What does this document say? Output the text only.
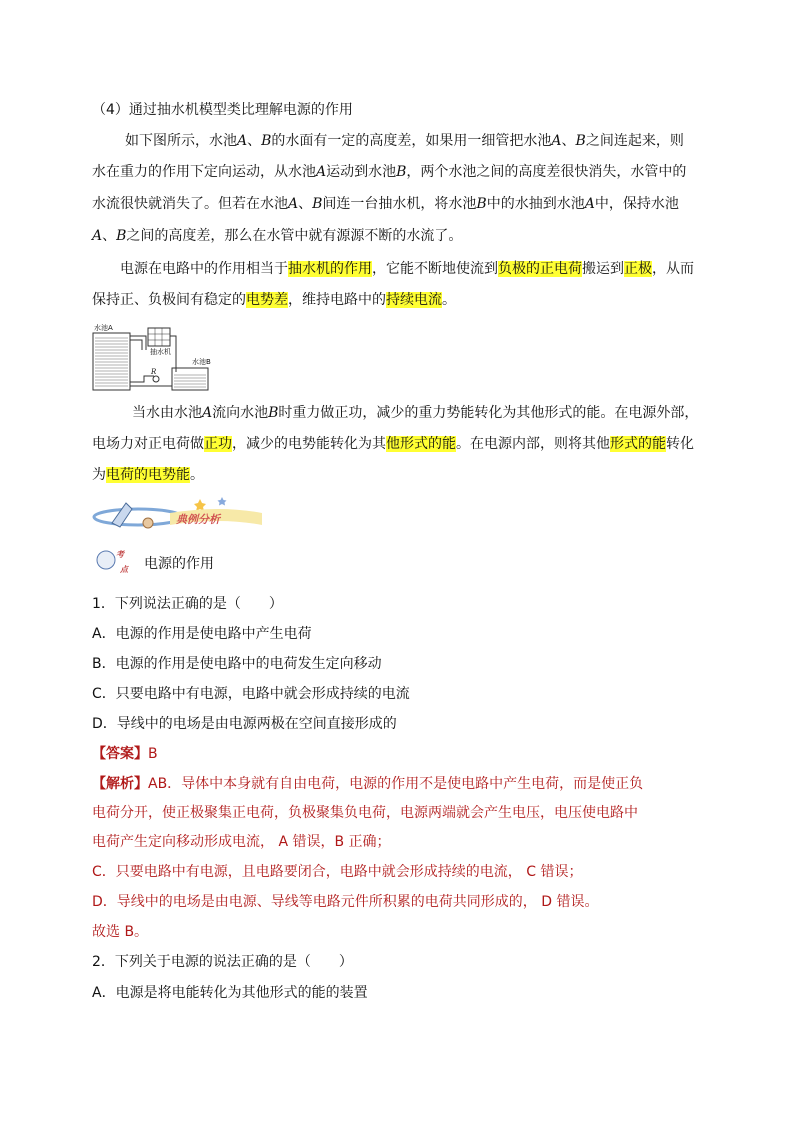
（4）通过抽水机模型类比理解电源的作用
如下图所示，水池A、B的水面有一定的高度差，如果用一细管把水池A、B之间连起来，则
水在重力的作用下定向运动，从水池A运动到水池B，两个水池之间的高度差很快消失，水管中的
水流很快就消失了。但若在水池A、B间连一台抽水机，将水池B中的水抽到水池A中，保持水池
A、B之间的高度差，那么在水管中就有源源不断的水流了。
电源在电路中的作用相当于抽水机的作用，它能不断地使流到负极的正电荷搬运到正极，从而
保持正、负极间有稳定的电势差，维持电路中的持续电流。
水池A
抽水机
水池B
R
当水由水池A流向水池B时重力做正功，减少的重力势能转化为其他形式的能。在电源外部，
电场力对正电荷做正功，减少的电势能转化为其他形式的能。在电源内部，则将其他形式的能转化
为电荷的电势能。
典例分析
考
点 电源的作用
1．下列说法正确的是（　　）
A．电源的作用是使电路中产生电荷
B．电源的作用是使电路中的电荷发生定向移动
C．只要电路中有电源，电路中就会形成持续的电流
D．导线中的电场是由电源两极在空间直接形成的
【答案】B
【解析】AB．导体中本身就有自由电荷，电源的作用不是使电路中产生电荷，而是使正负
电荷分开，使正极聚集正电荷，负极聚集负电荷，电源两端就会产生电压，电压使电路中
电荷产生定向移动形成电流， A 错误，B 正确；
C．只要电路中有电源，且电路要闭合，电路中就会形成持续的电流， C 错误；
D．导线中的电场是由电源、导线等电路元件所积累的电荷共同形成的， D 错误。
故选 B。
2．下列关于电源的说法正确的是（　　）
A．电源是将电能转化为其他形式的能的装置
